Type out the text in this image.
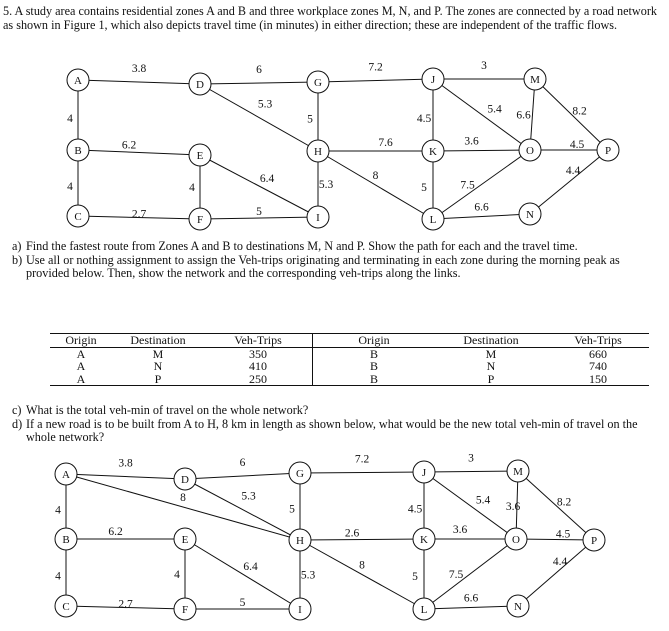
5. A study area contains residential zones A and B and three workplace zones M, N, and P. The zones are connected by a road network as shown in Figure 1, which also depicts travel time (in minutes) in either direction; these are independent of the traffic flows.
3.8	6	7.2	3
4
5.3
5	4.5
5.4 6.6	8.2
6.2	7.6	3.6	4.5
4
6.4	5.3
8
5	7.5
4.4
2.7
4
5	6.6
A	D	G	J	M
B	E	H	K	O	P
C	F	I	L	N
a) Find the fastest route from Zones A and B to destinations M, N and P. Show the path for each and the travel time.
b) Use all or nothing assignment to assign the Veh-trips originating and terminating in each zone during the morning peak as provided below. Then, show the network and the corresponding veh-trips along the links.
Origin	Destination	Veh-Trips	Origin	Destination	Veh-Trips
A	M	350	B	M	660
A	N	410	B	N	740
A	P	250	B	P	150
c) What is the total veh-min of travel on the whole network?
d) If a new road is to be built from A to H, 8 km in length as shown below, what would be the new total veh-min of travel on the whole network?
3.8	6	7.2	3
4
5.3
5	4.5
5.4
3.6	8.2
6.2	2.6	3.6	4.5
4
6.4
5.3
8
5	7.5
4.4
2.7
4
5	6.6
8
A	D	G	J	M
B	E	H	K	O	P
C	F	I	L	N
